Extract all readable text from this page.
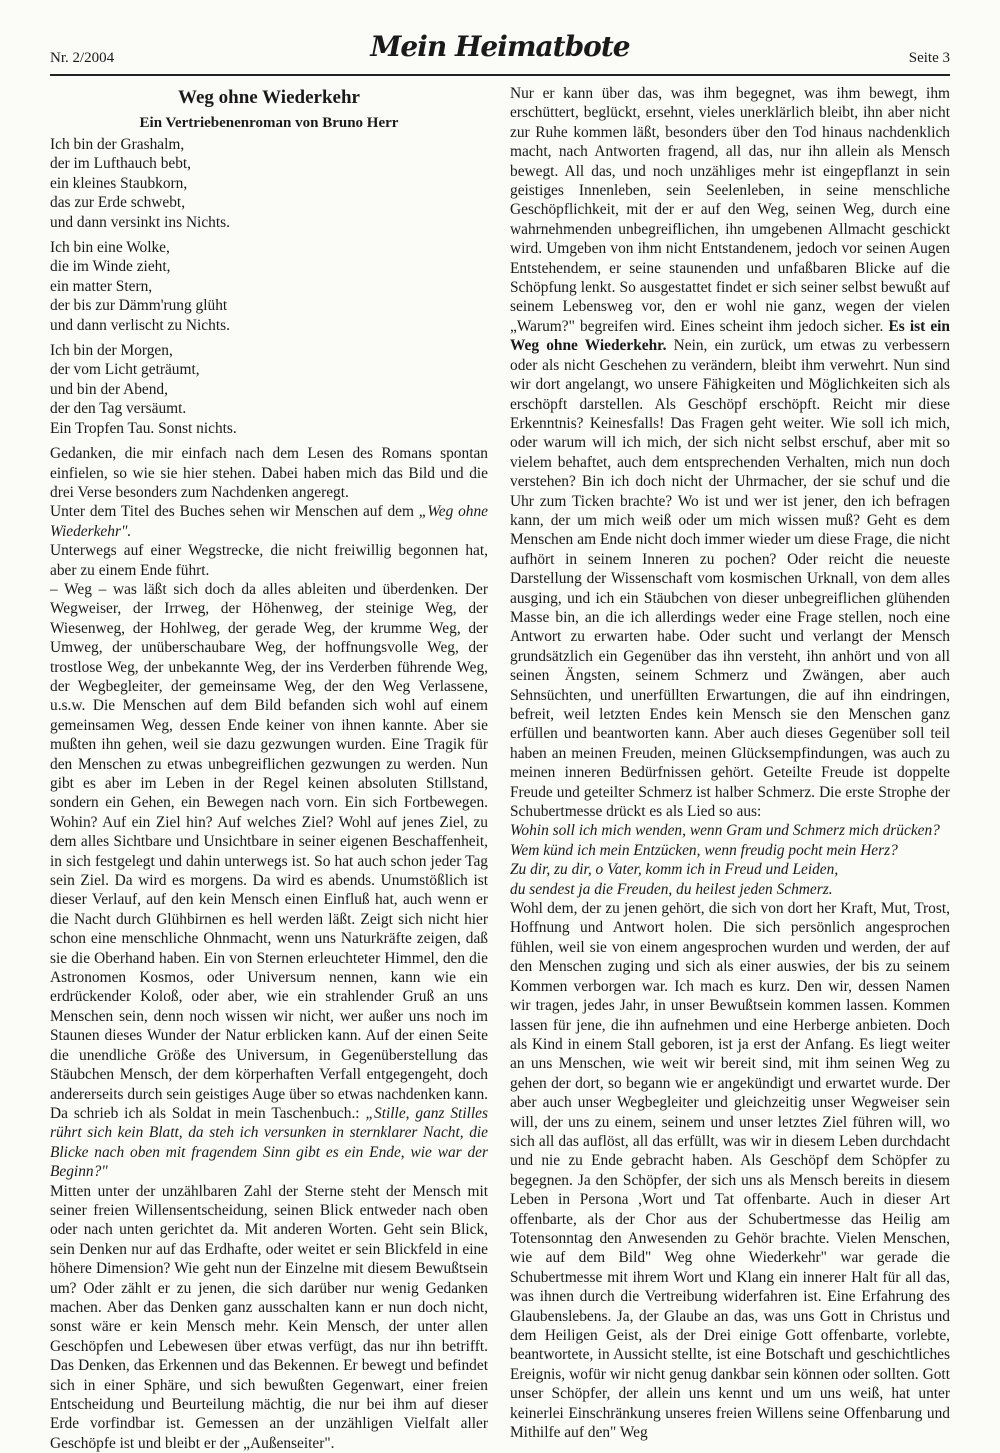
Nr. 2/2004	Mein Heimatbote	Seite 3
Weg ohne Wiederkehr
Ein Vertriebenenroman von Bruno Herr
Ich bin der Grashalm,
der im Lufthauch bebt,
ein kleines Staubkorn,
das zur Erde schwebt,
und dann versinkt ins Nichts.
Ich bin eine Wolke,
die im Winde zieht,
ein matter Stern,
der bis zur Dämm'rung glüht
und dann verlischt zu Nichts.
Ich bin der Morgen,
der vom Licht geträumt,
und bin der Abend,
der den Tag versäumt.
Ein Tropfen Tau. Sonst nichts.

Gedanken, die mir einfach nach dem Lesen des Romans spontan einfielen, so wie sie hier stehen. Dabei haben mich das Bild und die drei Verse besonders zum Nachdenken angeregt.

Unter dem Titel des Buches sehen wir Menschen auf dem „Weg ohne Wiederkehr".

Unterwegs auf einer Wegstrecke, die nicht freiwillig begonnen hat, aber zu einem Ende führt.

– Weg – was läßt sich doch da alles ableiten und überdenken. Der Wegweiser, der Irrweg, der Höhenweg, der steinige Weg, der Wiesenweg, der Hohlweg, der gerade Weg, der krumme Weg, der Umweg, der unüberschaubare Weg, der hoffnungsvolle Weg, der trostlose Weg, der unbekannte Weg, der ins Verderben führende Weg, der Wegbegleiter, der gemeinsame Weg, der den Weg Verlassene, u.s.w. Die Menschen auf dem Bild befanden sich wohl auf einem gemeinsamen Weg, dessen Ende keiner von ihnen kannte. Aber sie mußten ihn gehen, weil sie dazu gezwungen wurden. Eine Tragik für den Menschen zu etwas unbegreiflichen gezwungen zu werden. Nun gibt es aber im Leben in der Regel keinen absoluten Stillstand, sondern ein Gehen, ein Bewegen nach vorn. Ein sich Fortbewegen. Wohin? Auf ein Ziel hin? Auf welches Ziel? Wohl auf jenes Ziel, zu dem alles Sichtbare und Unsichtbare in seiner eigenen Beschaffenheit, in sich festgelegt und dahin unterwegs ist. So hat auch schon jeder Tag sein Ziel. Da wird es morgens. Da wird es abends. Unumstößlich ist dieser Verlauf, auf den kein Mensch einen Einfluß hat, auch wenn er die Nacht durch Glühbirnen es hell werden läßt. Zeigt sich nicht hier schon eine menschliche Ohnmacht, wenn uns Naturkräfte zeigen, daß sie die Oberhand haben. Ein von Sternen erleuchteter Himmel, den die Astronomen Kosmos, oder Universum nennen, kann wie ein erdrückender Koloß, oder aber, wie ein strahlender Gruß an uns Menschen sein, denn noch wissen wir nicht, wer außer uns noch im Staunen dieses Wunder der Natur erblicken kann. Auf der einen Seite die unendliche Größe des Universum, in Gegenüberstellung das Stäubchen Mensch, der dem körperhaften Verfall entgegengeht, doch andererseits durch sein geistiges Auge über so etwas nachdenken kann. Da schrieb ich als Soldat in mein Taschenbuch.: „Stille, ganz Stilles rührt sich kein Blatt, da steh ich versunken in sternklarer Nacht, die Blicke nach oben mit fragendem Sinn gibt es ein Ende, wie war der Beginn?"

Mitten unter der unzählbaren Zahl der Sterne steht der Mensch mit seiner freien Willensentscheidung, seinen Blick entweder nach oben oder nach unten gerichtet da. Mit anderen Worten. Geht sein Blick, sein Denken nur auf das Erdhafte, oder weitet er sein Blickfeld in eine höhere Dimension? Wie geht nun der Einzelne mit diesem Bewußtsein um? Oder zählt er zu jenen, die sich darüber nur wenig Gedanken machen. Aber das Denken ganz ausschalten kann er nun doch nicht, sonst wäre er kein Mensch mehr. Kein Mensch, der unter allen Geschöpfen und Lebewesen über etwas verfügt, das nur ihn betrifft. Das Denken, das Erkennen und das Bekennen. Er bewegt und befindet sich in einer Sphäre, und sich bewußten Gegenwart, einer freien Entscheidung und Beurteilung mächtig, die nur bei ihm auf dieser Erde vorfindbar ist. Gemessen an der unzähligen Vielfalt aller Geschöpfe ist und bleibt er der „Außenseiter".

Nur er kann über das, was ihm begegnet, was ihm bewegt, ihm erschüttert, beglückt, ersehnt, vieles unerklärlich bleibt, ihn aber nicht zur Ruhe kommen läßt, besonders über den Tod hinaus nachdenklich macht, nach Antworten fragend, all das, nur ihn allein als Mensch bewegt. All das, und noch unzähliges mehr ist eingepflanzt in sein geistiges Innenleben, sein Seelenleben, in seine menschliche Geschöpflichkeit, mit der er auf den Weg, seinen Weg, durch eine wahrnehmenden unbegreiflichen, ihn umgebenen Allmacht geschickt wird. Umgeben von ihm nicht Entstandenem, jedoch vor seinen Augen Entstehendem, er seine staunenden und unfaßbaren Blicke auf die Schöpfung lenkt. So ausgestattet findet er sich seiner selbst bewußt auf seinem Lebensweg vor, den er wohl nie ganz, wegen der vielen „Warum?" begreifen wird. Eines scheint ihm jedoch sicher. Es ist ein Weg ohne Wiederkehr. Nein, ein zurück, um etwas zu verbessern oder als nicht Geschehen zu verändern, bleibt ihm verwehrt. Nun sind wir dort angelangt, wo unsere Fähigkeiten und Möglichkeiten sich als erschöpft darstellen. Als Geschöpf erschöpft. Reicht mir diese Erkenntnis? Keinesfalls! Das Fragen geht weiter. Wie soll ich mich, oder warum will ich mich, der sich nicht selbst erschuf, aber mit so vielem behaftet, auch dem entsprechenden Verhalten, mich nun doch verstehen? Bin ich doch nicht der Uhrmacher, der sie schuf und die Uhr zum Ticken brachte? Wo ist und wer ist jener, den ich befragen kann, der um mich weiß oder um mich wissen muß? Geht es dem Menschen am Ende nicht doch immer wieder um diese Frage, die nicht aufhört in seinem Inneren zu pochen? Oder reicht die neueste Darstellung der Wissenschaft vom kosmischen Urknall, von dem alles ausging, und ich ein Stäubchen von dieser unbegreiflichen glühenden Masse bin, an die ich allerdings weder eine Frage stellen, noch eine Antwort zu erwarten habe. Oder sucht und verlangt der Mensch grundsätzlich ein Gegenüber das ihn versteht, ihn anhört und von all seinen Ängsten, seinem Schmerz und Zwängen, aber auch Sehnsüchten, und unerfüllten Erwartungen, die auf ihn eindringen, befreit, weil letzten Endes kein Mensch sie den Menschen ganz erfüllen und beantworten kann. Aber auch dieses Gegenüber soll teil haben an meinen Freuden, meinen Glücksempfindungen, was auch zu meinen inneren Bedürfnissen gehört. Geteilte Freude ist doppelte Freude und geteilter Schmerz ist halber Schmerz. Die erste Strophe der Schubertmesse drückt es als Lied so aus:

Wohin soll ich mich wenden, wenn Gram und Schmerz mich drücken?
Wem künd ich mein Entzücken, wenn freudig pocht mein Herz?
Zu dir, zu dir, o Vater, komm ich in Freud und Leiden,
du sendest ja die Freuden, du heilest jeden Schmerz.

Wohl dem, der zu jenen gehört, die sich von dort her Kraft, Mut, Trost, Hoffnung und Antwort holen. Die sich persönlich angesprochen fühlen, weil sie von einem angesprochen wurden und werden, der auf den Menschen zuging und sich als einer auswies, der bis zu seinem Kommen verborgen war. Ich mach es kurz. Den wir, dessen Namen wir tragen, jedes Jahr, in unser Bewußtsein kommen lassen. Kommen lassen für jene, die ihn aufnehmen und eine Herberge anbieten. Doch als Kind in einem Stall geboren, ist ja erst der Anfang. Es liegt weiter an uns Menschen, wie weit wir bereit sind, mit ihm seinen Weg zu gehen der dort, so begann wie er angekündigt und erwartet wurde. Der aber auch unser Wegbegleiter und gleichzeitig unser Wegweiser sein will, der uns zu einem, seinem und unser letztes Ziel führen will, wo sich all das auflöst, all das erfüllt, was wir in diesem Leben durchdacht und nie zu Ende gebracht haben. Als Geschöpf dem Schöpfer zu begegnen. Ja den Schöpfer, der sich uns als Mensch bereits in diesem Leben in Persona ,Wort und Tat offenbarte. Auch in dieser Art offenbarte, als der Chor aus der Schubertmesse das Heilig am Totensonntag den Anwesenden zu Gehör brachte. Vielen Menschen, wie auf dem Bild" Weg ohne Wiederkehr" war gerade die Schubertmesse mit ihrem Wort und Klang ein innerer Halt für all das, was ihnen durch die Vertreibung widerfahren ist. Eine Erfahrung des Glaubenslebens. Ja, der Glaube an das, was uns Gott in Christus und dem Heiligen Geist, als der Drei einige Gott offenbarte, vorlebte, beantwortete, in Aussicht stellte, ist eine Botschaft und geschichtliches Ereignis, wofür wir nicht genug dankbar sein können oder sollten. Gott unser Schöpfer, der allein uns kennt und um uns weiß, hat unter keinerlei Einschränkung unseres freien Willens seine Offenbarung und Mithilfe auf den" Weg
